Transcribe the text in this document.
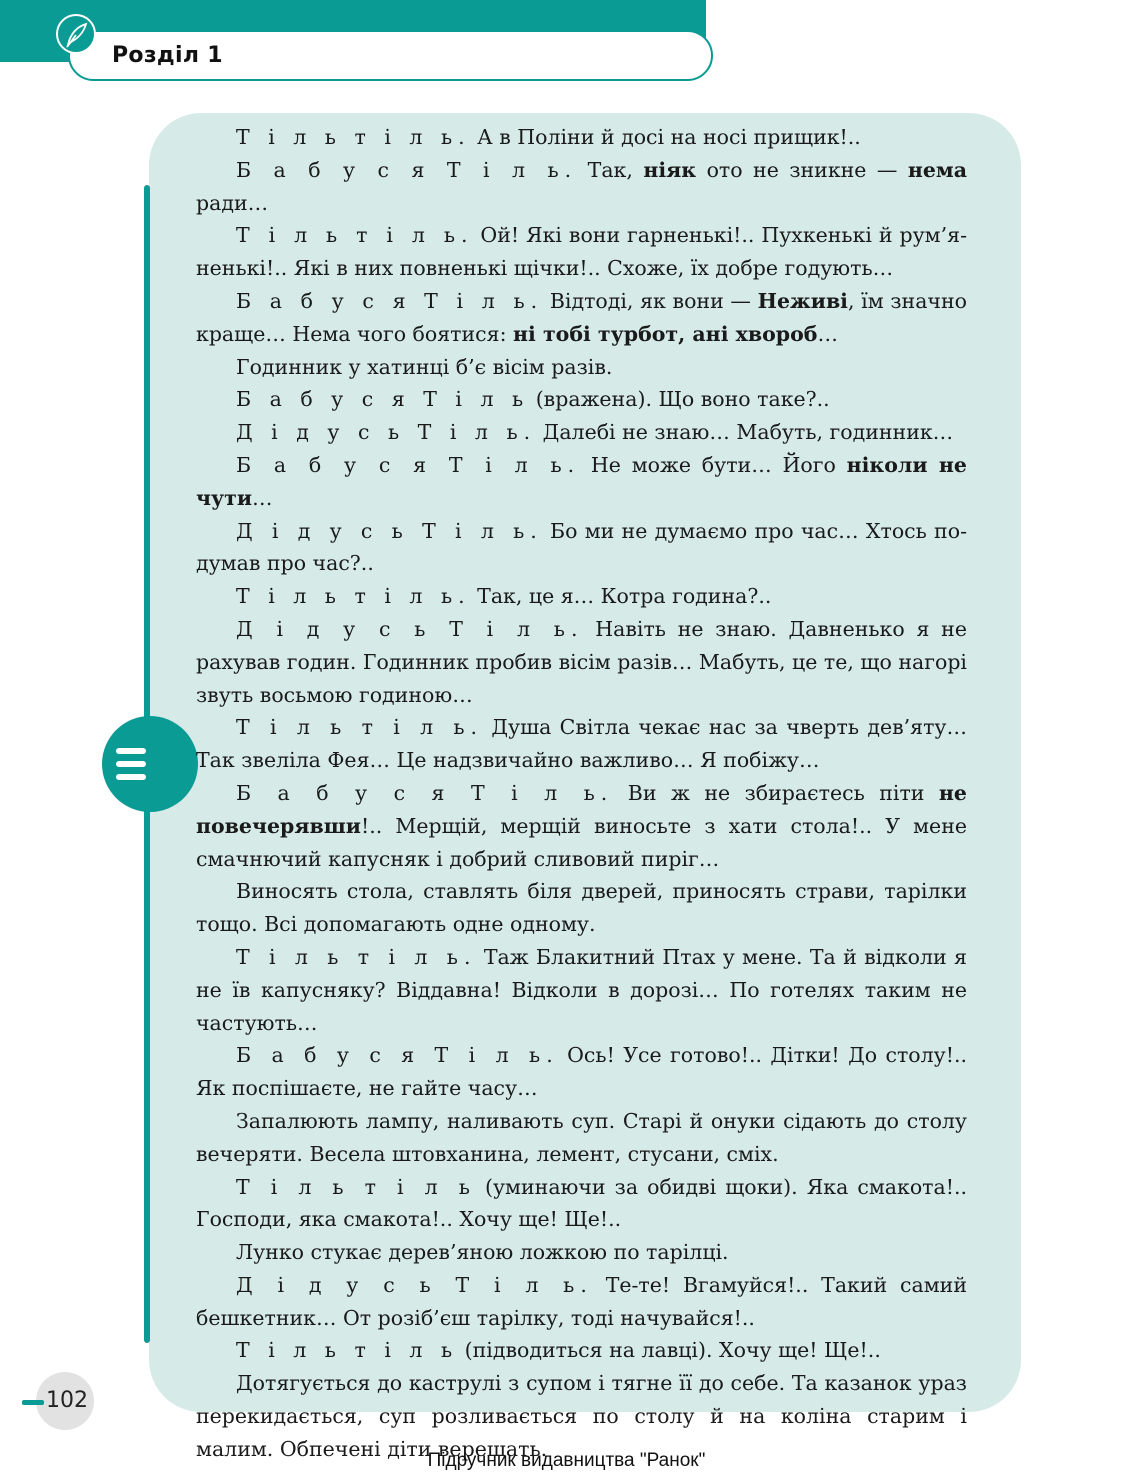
Розділ 1

Т і л ь т і л ь. А в Поліни й досі на носі прищик!..

Б а б у с я Т і л ь. Так, ніяк ото не зникне — нема ради…

Т і л ь т і л ь. Ой! Які вони гарненькі!.. Пухкенькі й рум’яненькі!.. Які в них повненькі щічки!.. Схоже, їх добре годують…

Б а б у с я Т і л ь. Відтоді, як вони — Неживі, їм значно краще… Нема чого боятися: ні тобі турбот, ані хвороб…

Годинник у хатинці б’є вісім разів.

Б а б у с я Т і л ь (вражена). Що воно таке?..

Д і д у с ь Т і л ь. Далебі не знаю… Мабуть, годинник…

Б а б у с я Т і л ь. Не може бути… Його ніколи не чути…

Д і д у с ь Т і л ь. Бо ми не думаємо про час… Хтось подумав про час?..

Т і л ь т і л ь. Так, це я… Котра година?..

Д і д у с ь Т і л ь. Навіть не знаю. Давненько я не рахував годин. Годинник пробив вісім разів… Мабуть, це те, що нагорі звуть восьмою годиною…

Т і л ь т і л ь. Душа Світла чекає нас за чверть дев’яту… Так звеліла Фея… Це надзвичайно важливо… Я побіжу…

Б а б у с я Т і л ь. Ви ж не збираєтесь піти не повечерявши!.. Мерщій, мерщій виносьте з хати стола!.. У мене смачнючий капусняк і добрий сливовий пиріг…

Виносять стола, ставлять біля дверей, приносять страви, тарілки тощо. Всі допомагають одне одному.

Т і л ь т і л ь. Таж Блакитний Птах у мене. Та й відколи я не їв капусняку? Віддавна! Відколи в дорозі… По готелях таким не частують…

Б а б у с я Т і л ь. Ось! Усе готово!.. Дітки! До столу!.. Як поспішаєте, не гайте часу…

Запалюють лампу, наливають суп. Старі й онуки сідають до столу вечеряти. Весела штовханина, лемент, стусани, сміх.

Т і л ь т і л ь (уминаючи за обидві щоки). Яка смакота!.. Господи, яка смакота!.. Хочу ще! Ще!..

Лунко стукає дерев’яною ложкою по тарілці.

Д і д у с ь Т і л ь. Те-те! Вгамуйся!.. Такий самий бешкетник… От розіб’єш тарілку, тоді начувайся!..

Т і л ь т і л ь (підводиться на лавці). Хочу ще! Ще!..

Дотягується до каструлі з супом і тягне її до себе. Та казанок ураз перекидається, суп розливається по столу й на коліна старим і малим. Обпечені діти верещать.

102
Підручник видавництва "Ранок"
